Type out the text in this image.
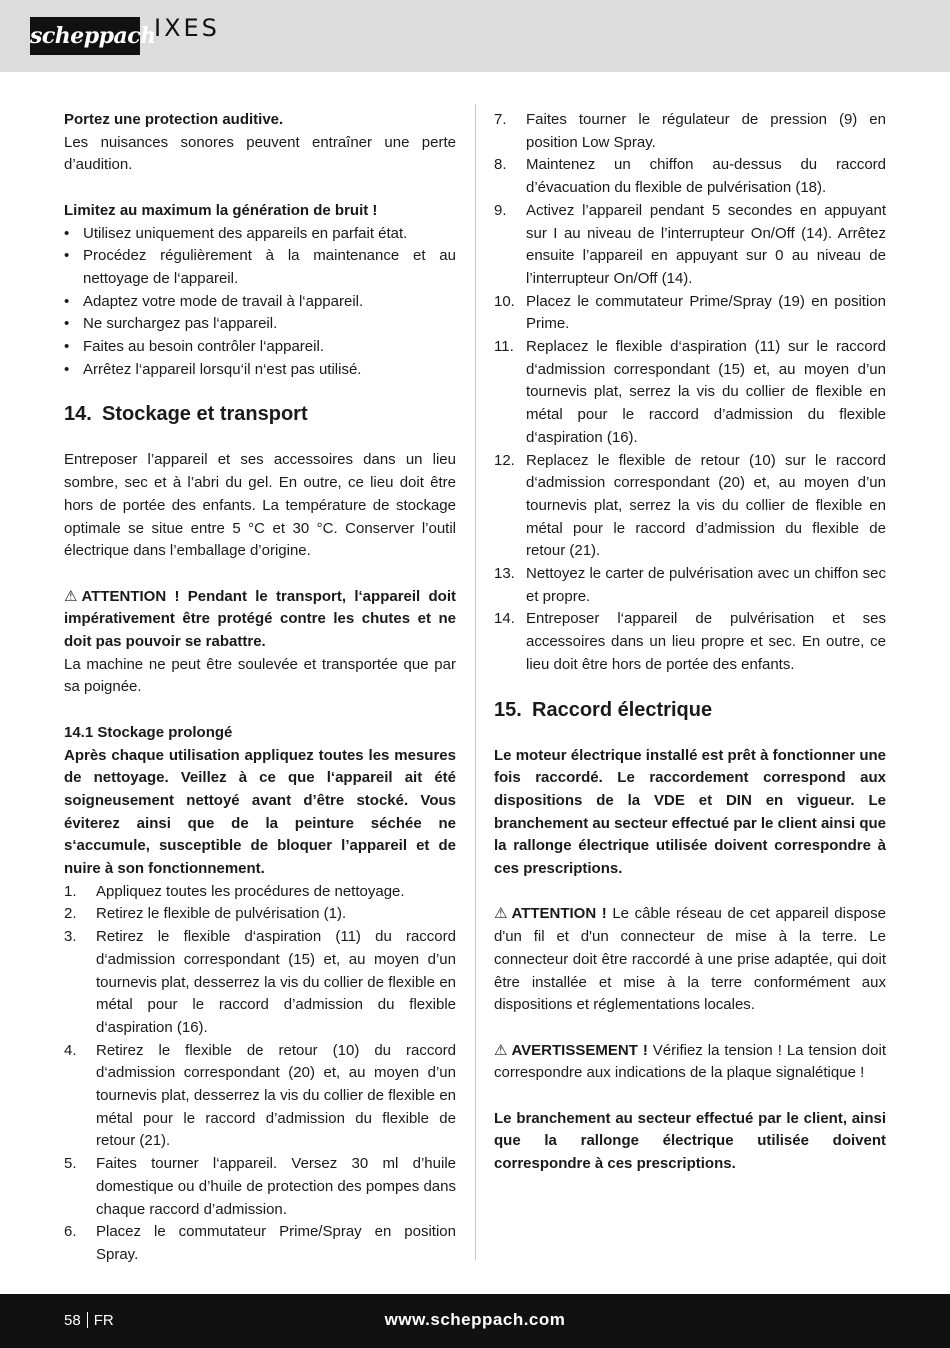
scheppach
IXES

Portez une protection auditive.

Les nuisances sonores peuvent entraîner une perte d’audition.

Limitez au maximum la génération de bruit !

• Utilisez uniquement des appareils en parfait état.
• Procédez régulièrement à la maintenance et au nettoyage de l‘appareil.
• Adaptez votre mode de travail à l‘appareil.
• Ne surchargez pas l‘appareil.
• Faites au besoin contrôler l‘appareil.
• Arrêtez l‘appareil lorsqu‘il n‘est pas utilisé.
14. Stockage et transport

Entreposer l’appareil et ses accessoires dans un lieu sombre, sec et à l’abri du gel. En outre, ce lieu doit être hors de portée des enfants. La température de stockage optimale se situe entre 5 °C et 30 °C. Conserver l’outil électrique dans l’emballage d’origine.

⚠ ATTENTION ! Pendant le transport, l‘appareil doit impérativement être protégé contre les chutes et ne doit pas pouvoir se rabattre.

La machine ne peut être soulevée et transportée que par sa poignée.

14.1 Stockage prolongé

Après chaque utilisation appliquez toutes les mesures de nettoyage. Veillez à ce que l‘appareil ait été soigneusement nettoyé avant d’être stocké. Vous éviterez ainsi que de la peinture séchée ne s‘accumule, susceptible de bloquer l’appareil et de nuire à son fonctionnement.

1. Appliquez toutes les procédures de nettoyage.
2. Retirez le flexible de pulvérisation (1).
3. Retirez le flexible d‘aspiration (11) du raccord d‘admission correspondant (15) et, au moyen d’un tournevis plat, desserrez la vis du collier de flexible en métal pour le raccord d’admission du flexible d‘aspiration (16).
4. Retirez le flexible de retour (10) du raccord d‘admission correspondant (20) et, au moyen d’un tournevis plat, desserrez la vis du collier de flexible en métal pour le raccord d’admission du flexible de retour (21).
5. Faites tourner l‘appareil. Versez 30 ml d’huile domestique ou d’huile de protection des pompes dans chaque raccord d’admission.
6. Placez le commutateur Prime/Spray en position Spray.
7. Faites tourner le régulateur de pression (9) en position Low Spray.
8. Maintenez un chiffon au-dessus du raccord d’évacuation du flexible de pulvérisation (18).
9. Activez l’appareil pendant 5 secondes en appuyant sur I au niveau de l’interrupteur On/Off (14). Arrêtez ensuite l’appareil en appuyant sur 0 au niveau de l’interrupteur On/Off (14).
10. Placez le commutateur Prime/Spray (19) en position Prime.
11. Replacez le flexible d‘aspiration (11) sur le raccord d‘admission correspondant (15) et, au moyen d’un tournevis plat, serrez la vis du collier de flexible en métal pour le raccord d’admission du flexible d‘aspiration (16).
12. Replacez le flexible de retour (10) sur le raccord d‘admission correspondant (20) et, au moyen d’un tournevis plat, serrez la vis du collier de flexible en métal pour le raccord d’admission du flexible de retour (21).
13. Nettoyez le carter de pulvérisation avec un chiffon sec et propre.
14. Entreposer l‘appareil de pulvérisation et ses accessoires dans un lieu propre et sec. En outre, ce lieu doit être hors de portée des enfants.
15. Raccord électrique

Le moteur électrique installé est prêt à fonctionner une fois raccordé. Le raccordement correspond aux dispositions de la VDE et DIN en vigueur. Le branchement au secteur effectué par le client ainsi que la rallonge électrique utilisée doivent correspondre à ces prescriptions.

⚠ ATTENTION ! Le câble réseau de cet appareil dispose d'un fil et d'un connecteur de mise à la terre. Le connecteur doit être raccordé à une prise adaptée, qui doit être installée et mise à la terre conformément aux dispositions et réglementations locales.

⚠ AVERTISSEMENT ! Vérifiez la tension ! La tension doit correspondre aux indications de la plaque signalétique !

Le branchement au secteur effectué par le client, ainsi que la rallonge électrique utilisée doivent correspondre à ces prescriptions.

58 FR	www.scheppach.com
